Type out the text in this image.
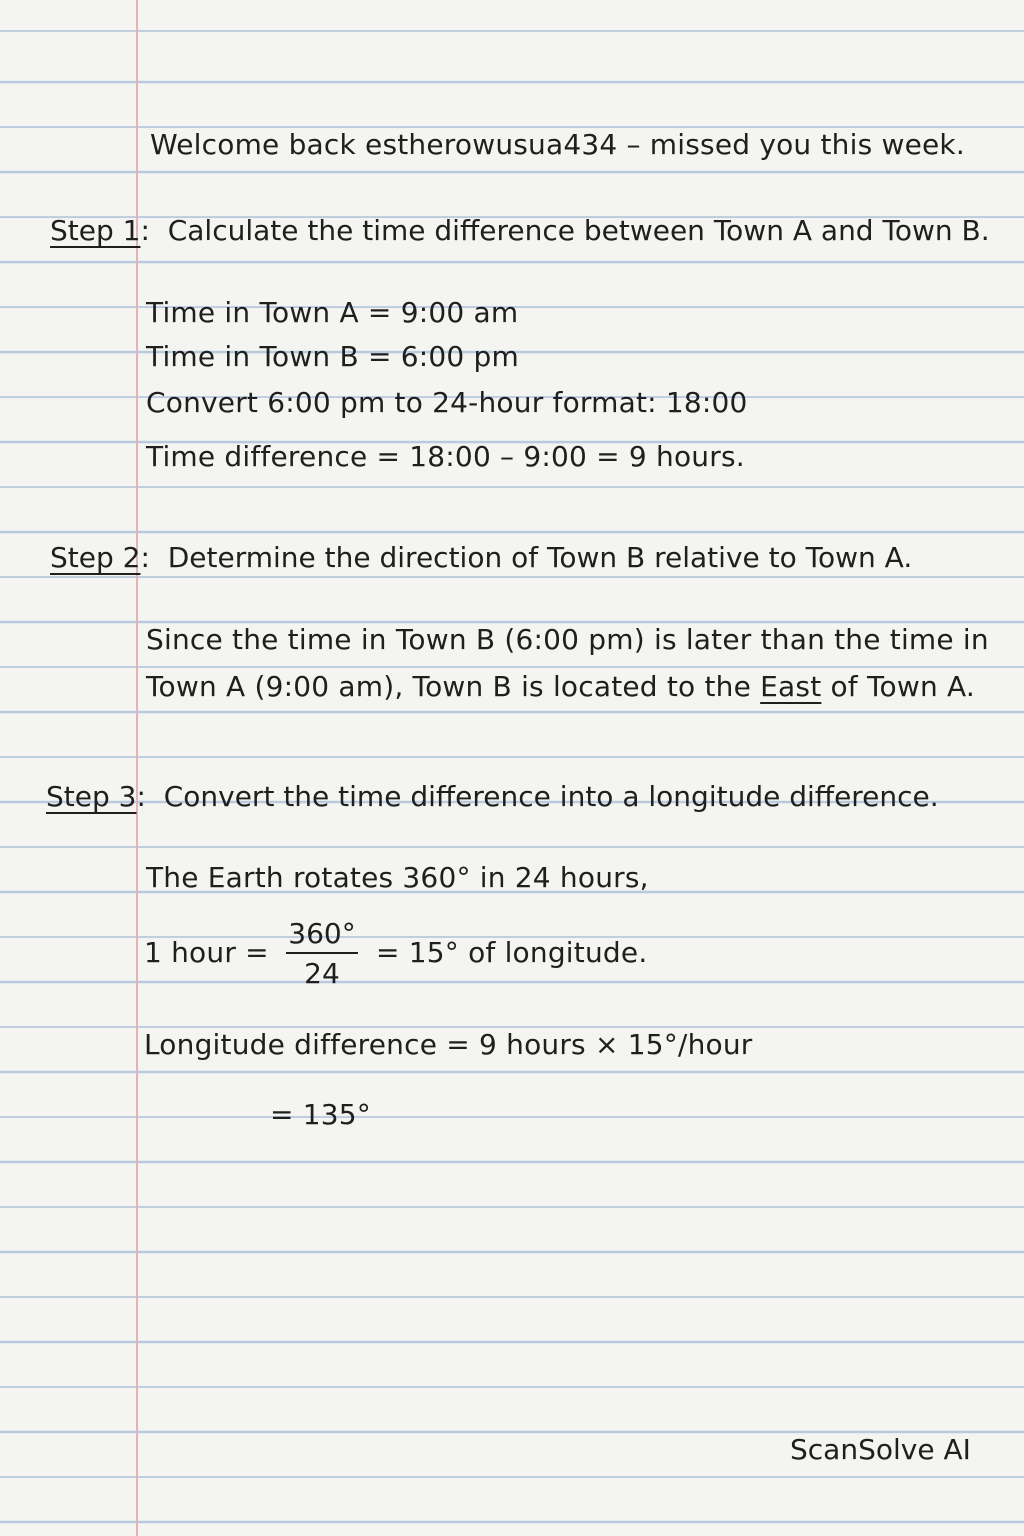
Welcome back estherowusua434 – missed you this week.
Step 1:  Calculate the time difference between Town A and Town B.
Time in Town A = 9:00 am
Time in Town B = 6:00 pm
Convert 6:00 pm to 24-hour format: 18:00
Time difference = 18:00 – 9:00 = 9 hours.
Step 2:  Determine the direction of Town B relative to Town A.
Since the time in Town B (6:00 pm) is later than the time in
Town A (9:00 am), Town B is located to the East of Town A.
Step 3:  Convert the time difference into a longitude difference.
The Earth rotates 360° in 24 hours,
1 hour =
360°
24
= 15° of longitude.
Longitude difference = 9 hours × 15°/hour
= 135°
ScanSolve AI
